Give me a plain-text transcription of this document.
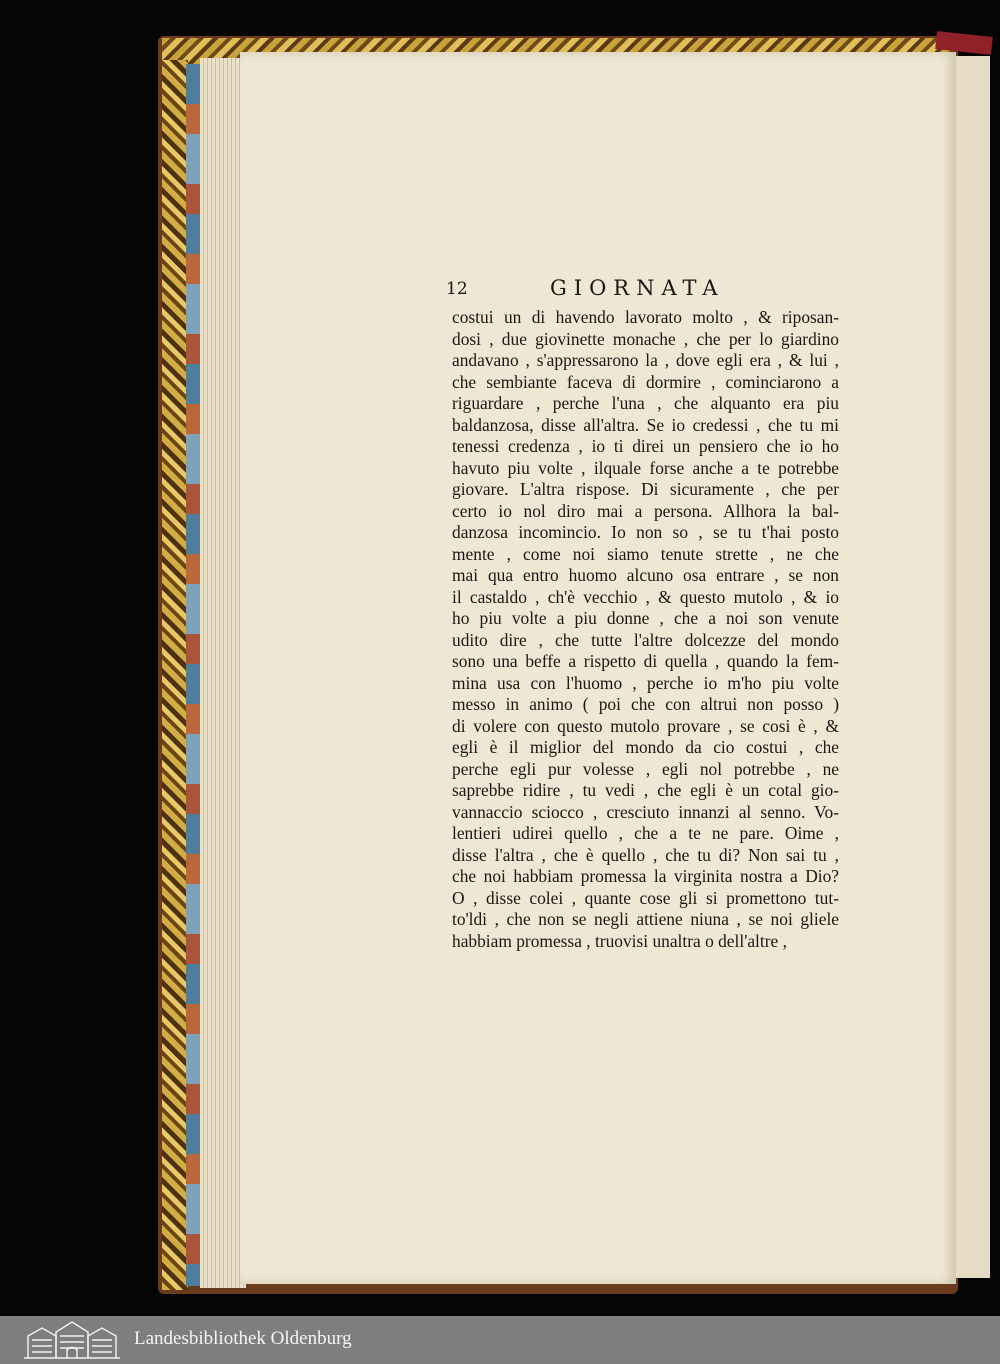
12	GIORNATA
costui un di havendo lavorato molto , & riposan-
dosi , due giovinette monache , che per lo giardino
andavano , s'appressarono la , dove egli era , & lui ,
che sembiante faceva di dormire , cominciarono a
riguardare , perche l'una , che alquanto era piu
baldanzosa, disse all'altra. Se io credessi , che tu mi
tenessi credenza , io ti direi un pensiero che io ho
havuto piu volte , ilquale forse anche a te potrebbe
giovare. L'altra rispose. Di sicuramente , che per
certo io nol diro mai a persona. Allhora la bal-
danzosa incomincio. Io non so , se tu t'hai posto
mente , come noi siamo tenute strette , ne che
mai qua entro huomo alcuno osa entrare , se non
il castaldo , ch'è vecchio , & questo mutolo , & io
ho piu volte a piu donne , che a noi son venute
udito dire , che tutte l'altre dolcezze del mondo
sono una beffe a rispetto di quella , quando la fem-
mina usa con l'huomo , perche io m'ho piu volte
messo in animo ( poi che con altrui non posso )
di volere con questo mutolo provare , se cosi è , &
egli è il miglior del mondo da cio costui , che
perche egli pur volesse , egli nol potrebbe , ne
saprebbe ridire , tu vedi , che egli è un cotal gio-
vannaccio sciocco , cresciuto innanzi al senno. Vo-
lentieri udirei quello , che a te ne pare. Oime ,
disse l'altra , che è quello , che tu di? Non sai tu ,
che noi habbiam promessa la virginita nostra a Dio?
O , disse colei , quante cose gli si promettono tut-
to'ldi , che non se negli attiene niuna , se noi gliele
habbiam promessa , truovisi unaltra o dell'altre ,
Landesbibliothek Oldenburg
